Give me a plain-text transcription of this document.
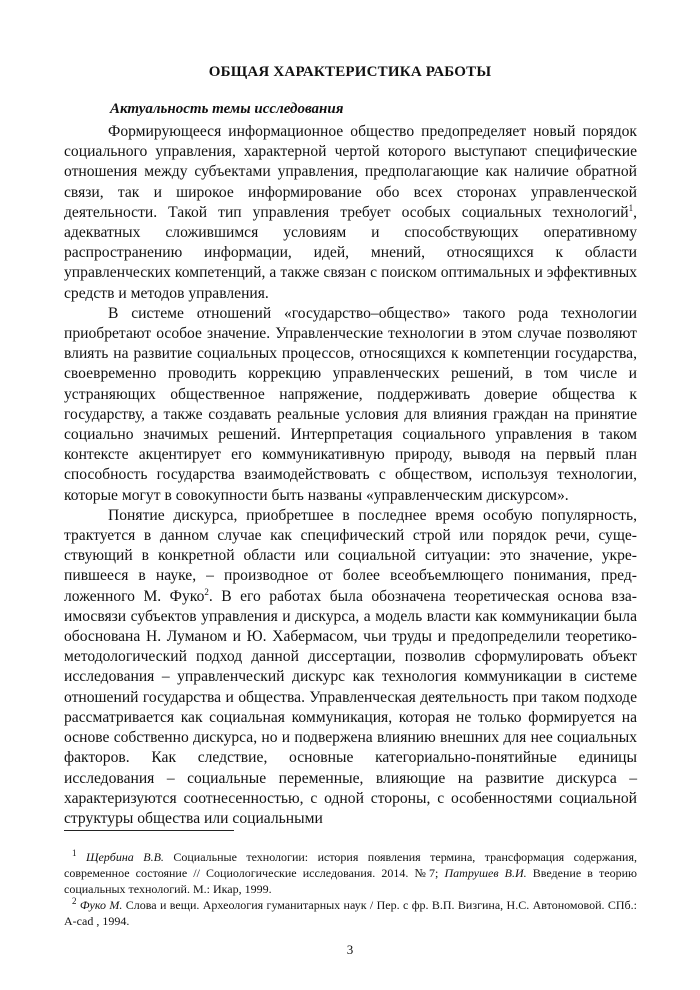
ОБЩАЯ ХАРАКТЕРИСТИКА РАБОТЫ
Актуальность темы исследования

Формирующееся информационное общество предопределяет новый порядок социального управления, характерной чертой которого выступают специфические отношения между субъектами управления, предполагающие как наличие обратной связи, так и широкое информирование обо всех сторонах управленческой деятельности. Такой тип управления требует особых социальных технологий$^1$, адекватных сложившимся условиям и способствующих оперативному распространению информации, идей, мнений, относящихся к области управленческих компетенций, а также связан с поиском оптимальных и эффективных средств и методов управления.

В системе отношений «государство–общество» такого рода технологии приобретают особое значение. Управленческие технологии в этом случае позволяют влиять на развитие социальных процессов, относящихся к компетенции государства, своевременно проводить коррекцию управленческих решений, в том числе и устраняющих общественное напряжение, поддерживать доверие общества к государству, а также создавать реальные условия для влияния граждан на принятие социально значимых решений. Интерпретация социального управления в таком контексте акцентирует его коммуникативную природу, выводя на первый план способность государства взаимодействовать с обществом, используя технологии, которые могут в совокупности быть названы «управленческим дискурсом».

Понятие дискурса, приобретшее в последнее время особую популярность, трактуется в данном случае как специфический строй или порядок речи, существующий в конкретной области или социальной ситуации: это значение, укрепившееся в науке, – производное от более всеобъемлющего понимания, предложенного М. Фуко$^2$. В его работах была обозначена теоретическая основа взаимосвязи субъектов управления и дискурса, а модель власти как коммуникации была обоснована Н. Луманом и Ю. Хабермасом, чьи труды и предопределили теоретико-методологический подход данной диссертации, позволив сформулировать объект исследования – управленческий дискурс как технология коммуникации в системе отношений государства и общества. Управленческая деятельность при таком подходе рассматривается как социальная коммуникация, которая не только формируется на основе собственно дискурса, но и подвержена влиянию внешних для нее социальных факторов. Как следствие, основные категориально-понятийные единицы исследования – социальные переменные, влияющие на развитие дискурса – характеризуются соотнесенностью, с одной стороны, с особенностями социальной структуры общества или социальными

$^1$ Щербина В.В. Социальные технологии: история появления термина, трансформация содержания, современное состояние // Социологические исследования. 2014. №7; Патрушев В.И. Введение в теорию социальных технологий. М.: Икар, 1999.

$^2$ Фуко М. Слова и вещи. Археология гуманитарных наук / Пер. с фр. В.П. Визгина, Н.С. Автономовой. СПб.: A-cad , 1994.

3
